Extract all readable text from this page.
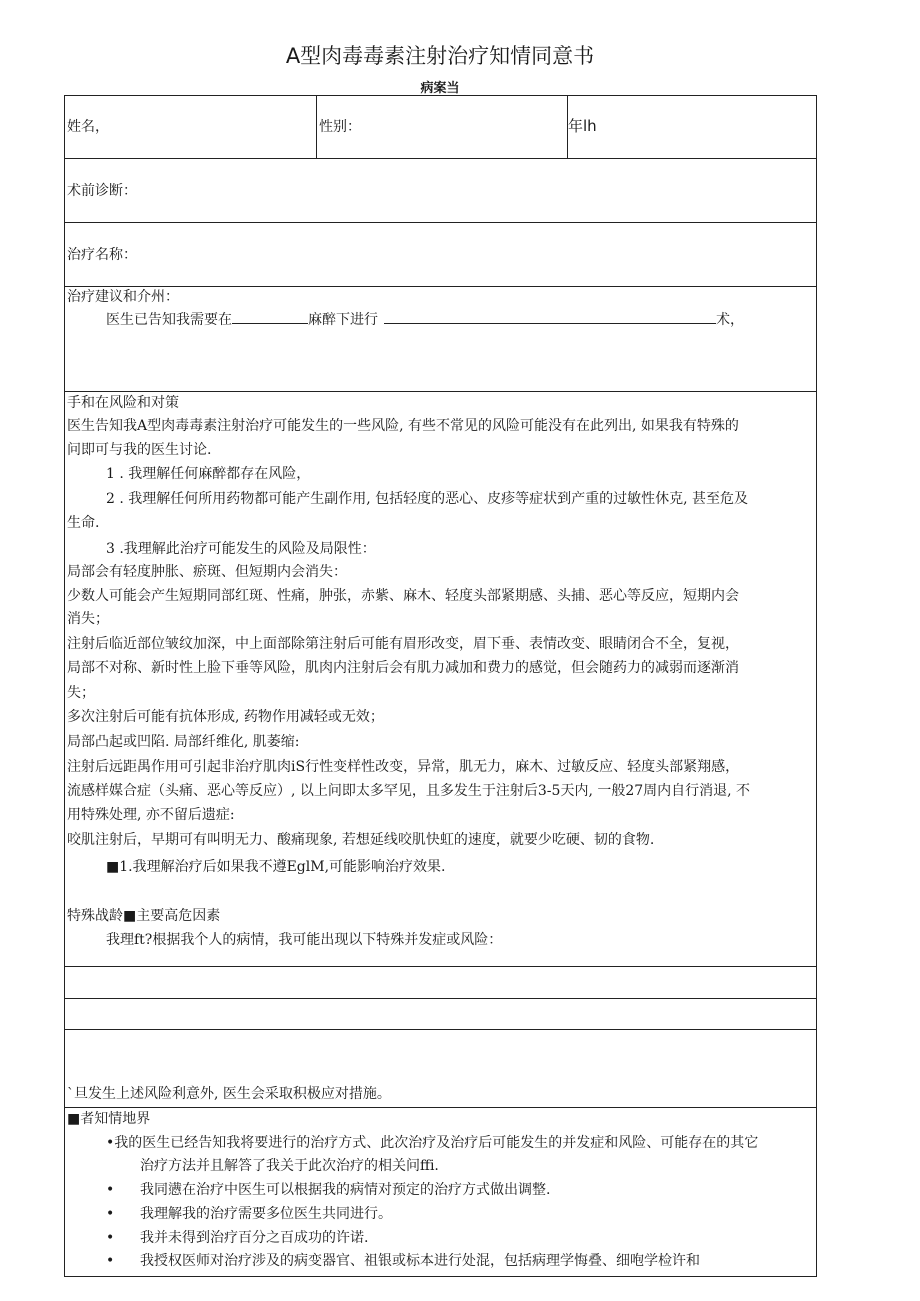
A型肉毒毒素注射治疗知情同意书
病案当
姓名，	性别：	年lh
术前诊断：
治疗名称：
治疗建议和介州：
医生已告知我需要在	麻醉下进行	术，
手和在风险和对策
医生告知我A型肉毒毒素注射治疗可能发生的一些风险, 有些不常见的风险可能没有在此列出, 如果我有特殊的
问即可与我的医生讨论.
1 . 我理解任何麻醉都存在风险，
2 . 我理解任何所用药物都可能产生副作用, 包括轻度的恶心、皮疹等症状到产重的过敏性休克, 甚至危及
生命.
3 .我理解此治疗可能发生的风险及局限性：
局部会有轻度肿胀、瘀斑、但短期内会消失：
少数人可能会产生短期同部红斑、性痛，肿张，赤紫、麻木、轻度头部紧期感、头捕、恶心等反应，短期内会
消失；
注射后临近部位皱纹加深，中上面部除第注射后可能有眉形改变，眉下垂、表情改变、眼睛闭合不全，复视，
局部不对称、新时性上脸下垂等风险，肌肉内注射后会有肌力减加和费力的感觉，但会随药力的减弱而逐渐消
失；
多次注射后可能有抗体形成, 药物作用减轻或无效；
局部凸起或凹陷. 局部纤维化, 肌萎缩:
注射后远距禺作用可引起非治疗肌肉iS行性变样性改变，异常，肌无力，麻木、过敏反应、轻度头部紧翔感，
流感样媒合症（头痛、恶心等反应）, 以上问即太多罕见，且多发生于注射后3-5天内, 一般27周内自行消退, 不
用特殊处理, 亦不留后遗症:
咬肌注射后，早期可有叫明无力、酸痛现象, 若想延线咬肌快虹的速度，就要少吃硬、韧的食物.
■1.我理解治疗后如果我不遵EglM,可能影响治疗效果.
特殊战龄■主要高危因素
我理ft?根据我个人的病情，我可能出现以下特殊并发症或风险：
`旦发生上述风险利意外, 医生会采取积极应对措施。
■者知情地界
•我的医生已经告知我将要进行的治疗方式、此次治疗及治疗后可能发生的并发症和风险、可能存在的其它
治疗方法并且解答了我关于此次治疗的相关问ffi.
• 我同懑在治疗中医生可以根据我的病情对预定的治疗方式做出调整.
• 我理解我的治疗需要多位医生共同进行。
• 我并未得到治疗百分之百成功的许诺.
• 我授权医师对治疗涉及的病变器官、祖银或标本进行处混，包括病理学悔叠、细咆学检许和
